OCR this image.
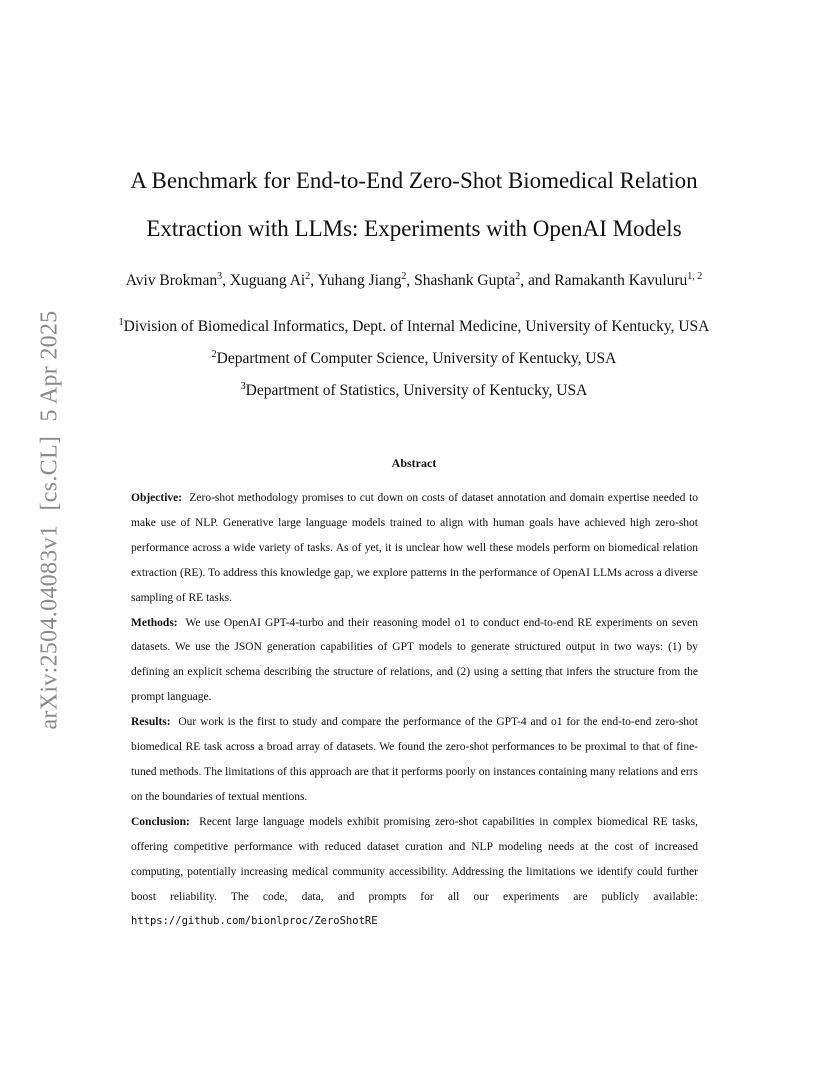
arXiv:2504.04083v1 [cs.CL] 5 Apr 2025
A Benchmark for End-to-End Zero-Shot Biomedical Relation
Extraction with LLMs: Experiments with OpenAI Models
Aviv Brokman$^3$, Xuguang Ai$^2$, Yuhang Jiang$^2$, Shashank Gupta$^2$, and Ramakanth Kavuluru$^{1, 2}$
$^1$Division of Biomedical Informatics, Dept. of Internal Medicine, University of Kentucky, USA
$^2$Department of Computer Science, University of Kentucky, USA
$^3$Department of Statistics, University of Kentucky, USA
Abstract

Objective: Zero-shot methodology promises to cut down on costs of dataset annotation and domain expertise needed to make use of NLP. Generative large language models trained to align with human goals have achieved high zero-shot performance across a wide variety of tasks. As of yet, it is unclear how well these models perform on biomedical relation extraction (RE). To address this knowledge gap, we explore patterns in the performance of OpenAI LLMs across a diverse sampling of RE tasks.

Methods: We use OpenAI GPT-4-turbo and their reasoning model o1 to conduct end-to-end RE experiments on seven datasets. We use the JSON generation capabilities of GPT models to generate structured output in two ways: (1) by defining an explicit schema describing the structure of relations, and (2) using a setting that infers the structure from the prompt language.

Results: Our work is the first to study and compare the performance of the GPT-4 and o1 for the end-to-end zero-shot biomedical RE task across a broad array of datasets. We found the zero-shot performances to be proximal to that of fine-tuned methods. The limitations of this approach are that it performs poorly on instances containing many relations and errs on the boundaries of textual mentions.

Conclusion: Recent large language models exhibit promising zero-shot capabilities in complex biomedical RE tasks, offering competitive performance with reduced dataset curation and NLP modeling needs at the cost of increased computing, potentially increasing medical community accessibility. Addressing the limitations we identify could further boost reliability. The code, data, and prompts for all our experiments are publicly available: https://github.com/bionlproc/ZeroShotRE
